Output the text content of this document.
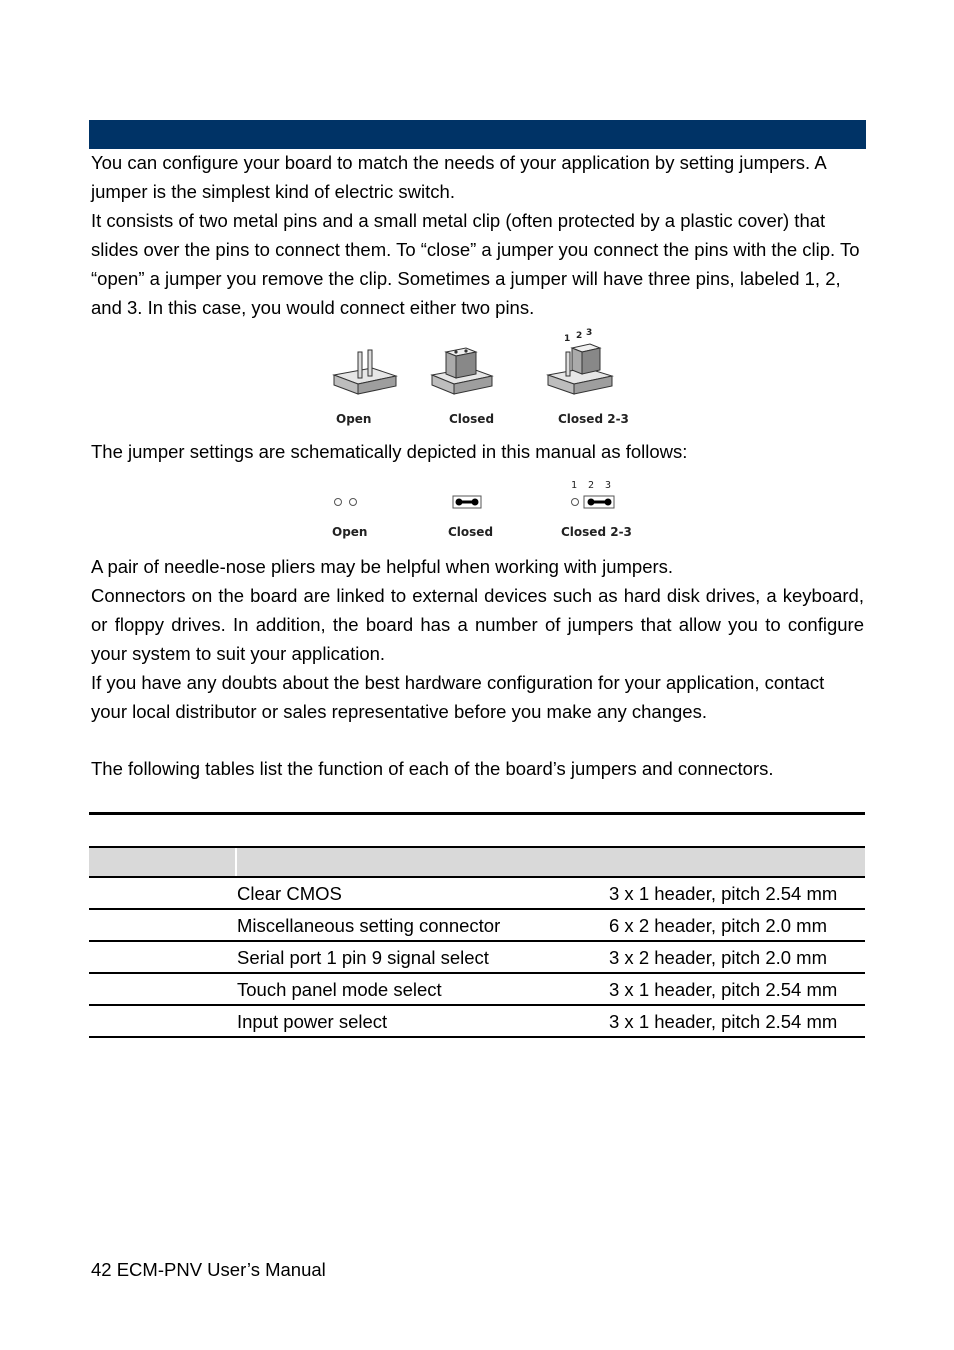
You can configure your board to match the needs of your application by setting jumpers. A jumper is the simplest kind of electric switch.

It consists of two metal pins and a small metal clip (often protected by a plastic cover) that slides over the pins to connect them. To “close” a jumper you connect the pins with the clip. To “open” a jumper you remove the clip. Sometimes a jumper will have three pins, labeled 1, 2, and 3. In this case, you would connect either two pins.

1 2 3
Open	Closed	Closed 2-3

The jumper settings are schematically depicted in this manual as follows:

1 2 3
Open	Closed	Closed 2-3

A pair of needle-nose pliers may be helpful when working with jumpers.

Connectors on the board are linked to external devices such as hard disk drives, a keyboard, or floppy drives. In addition, the board has a number of jumpers that allow you to configure your system to suit your application.

If you have any doubts about the best hardware configuration for your application, contact your local distributor or sales representative before you make any changes.

The following tables list the function of each of the board’s jumpers and connectors.

Clear CMOS	3 x 1 header, pitch 2.54 mm
Miscellaneous setting connector	6 x 2 header, pitch 2.0 mm
Serial port 1 pin 9 signal select	3 x 2 header, pitch 2.0 mm
Touch panel mode select	3 x 1 header, pitch 2.54 mm
Input power select	3 x 1 header, pitch 2.54 mm
42 ECM-PNV User’s Manual
